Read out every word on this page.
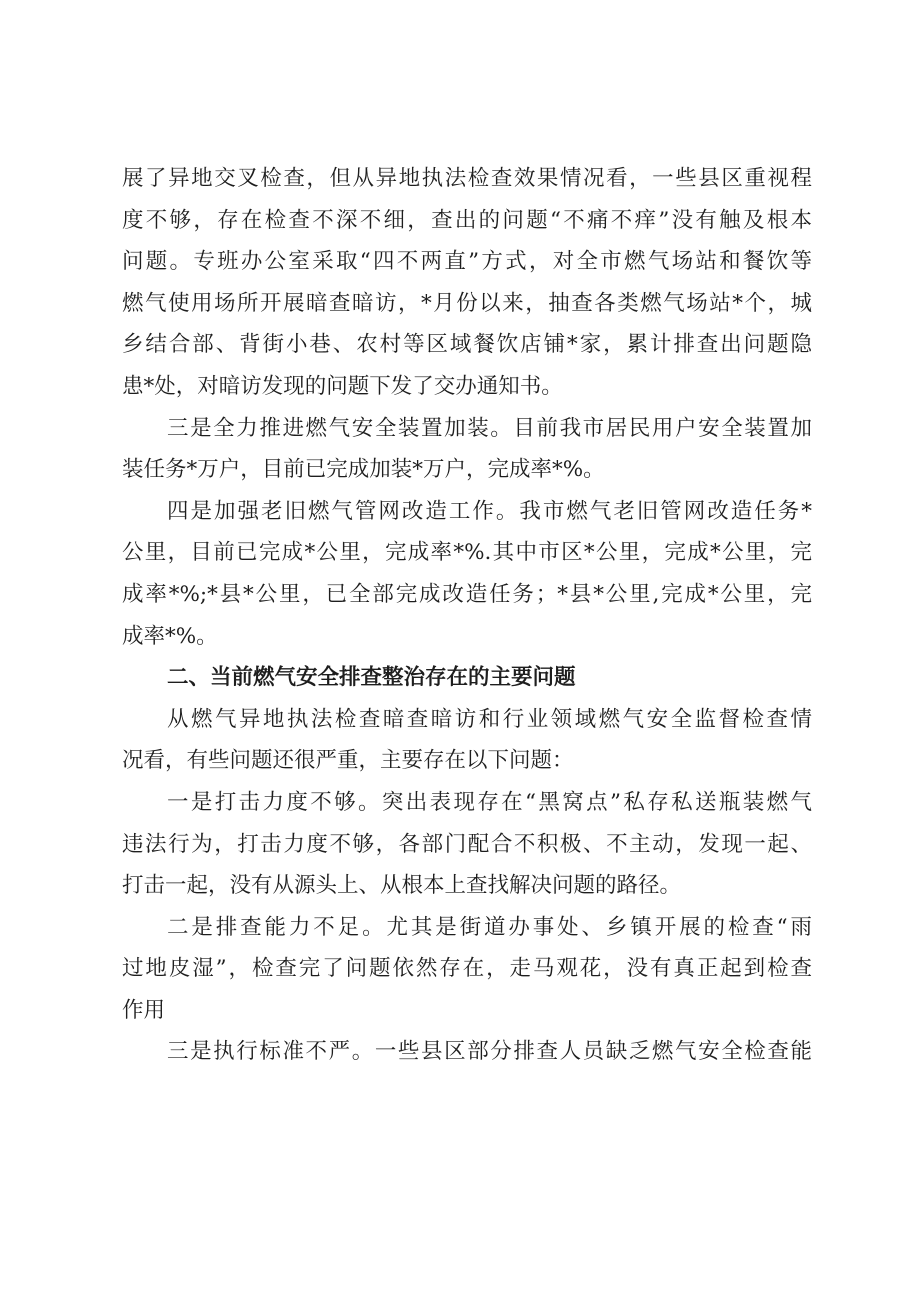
展了异地交叉检查，但从异地执法检查效果情况看，一些县区重视程
度不够，存在检查不深不细，查出的问题“不痛不痒”没有触及根本
问题。专班办公室采取“四不两直”方式，对全市燃气场站和餐饮等
燃气使用场所开展暗查暗访，*月份以来，抽查各类燃气场站*个，城
乡结合部、背街小巷、农村等区域餐饮店铺*家，累计排查出问题隐
患*处，对暗访发现的问题下发了交办通知书。
三是全力推进燃气安全装置加装。目前我市居民用户安全装置加
装任务*万户，目前已完成加装*万户，完成率*%。
四是加强老旧燃气管网改造工作。我市燃气老旧管网改造任务*
公里，目前已完成*公里，完成率*%.其中市区*公里，完成*公里，完
成率*%;*县*公里，已全部完成改造任务；*县*公里,完成*公里，完
成率*%。
二、当前燃气安全排查整治存在的主要问题
从燃气异地执法检查暗查暗访和行业领域燃气安全监督检查情
况看，有些问题还很严重，主要存在以下问题：
一是打击力度不够。突出表现存在“黑窝点”私存私送瓶装燃气
违法行为，打击力度不够，各部门配合不积极、不主动，发现一起、
打击一起，没有从源头上、从根本上查找解决问题的路径。
二是排查能力不足。尤其是街道办事处、乡镇开展的检查“雨
过地皮湿”，检查完了问题依然存在，走马观花，没有真正起到检查
作用
三是执行标准不严。一些县区部分排查人员缺乏燃气安全检查能
